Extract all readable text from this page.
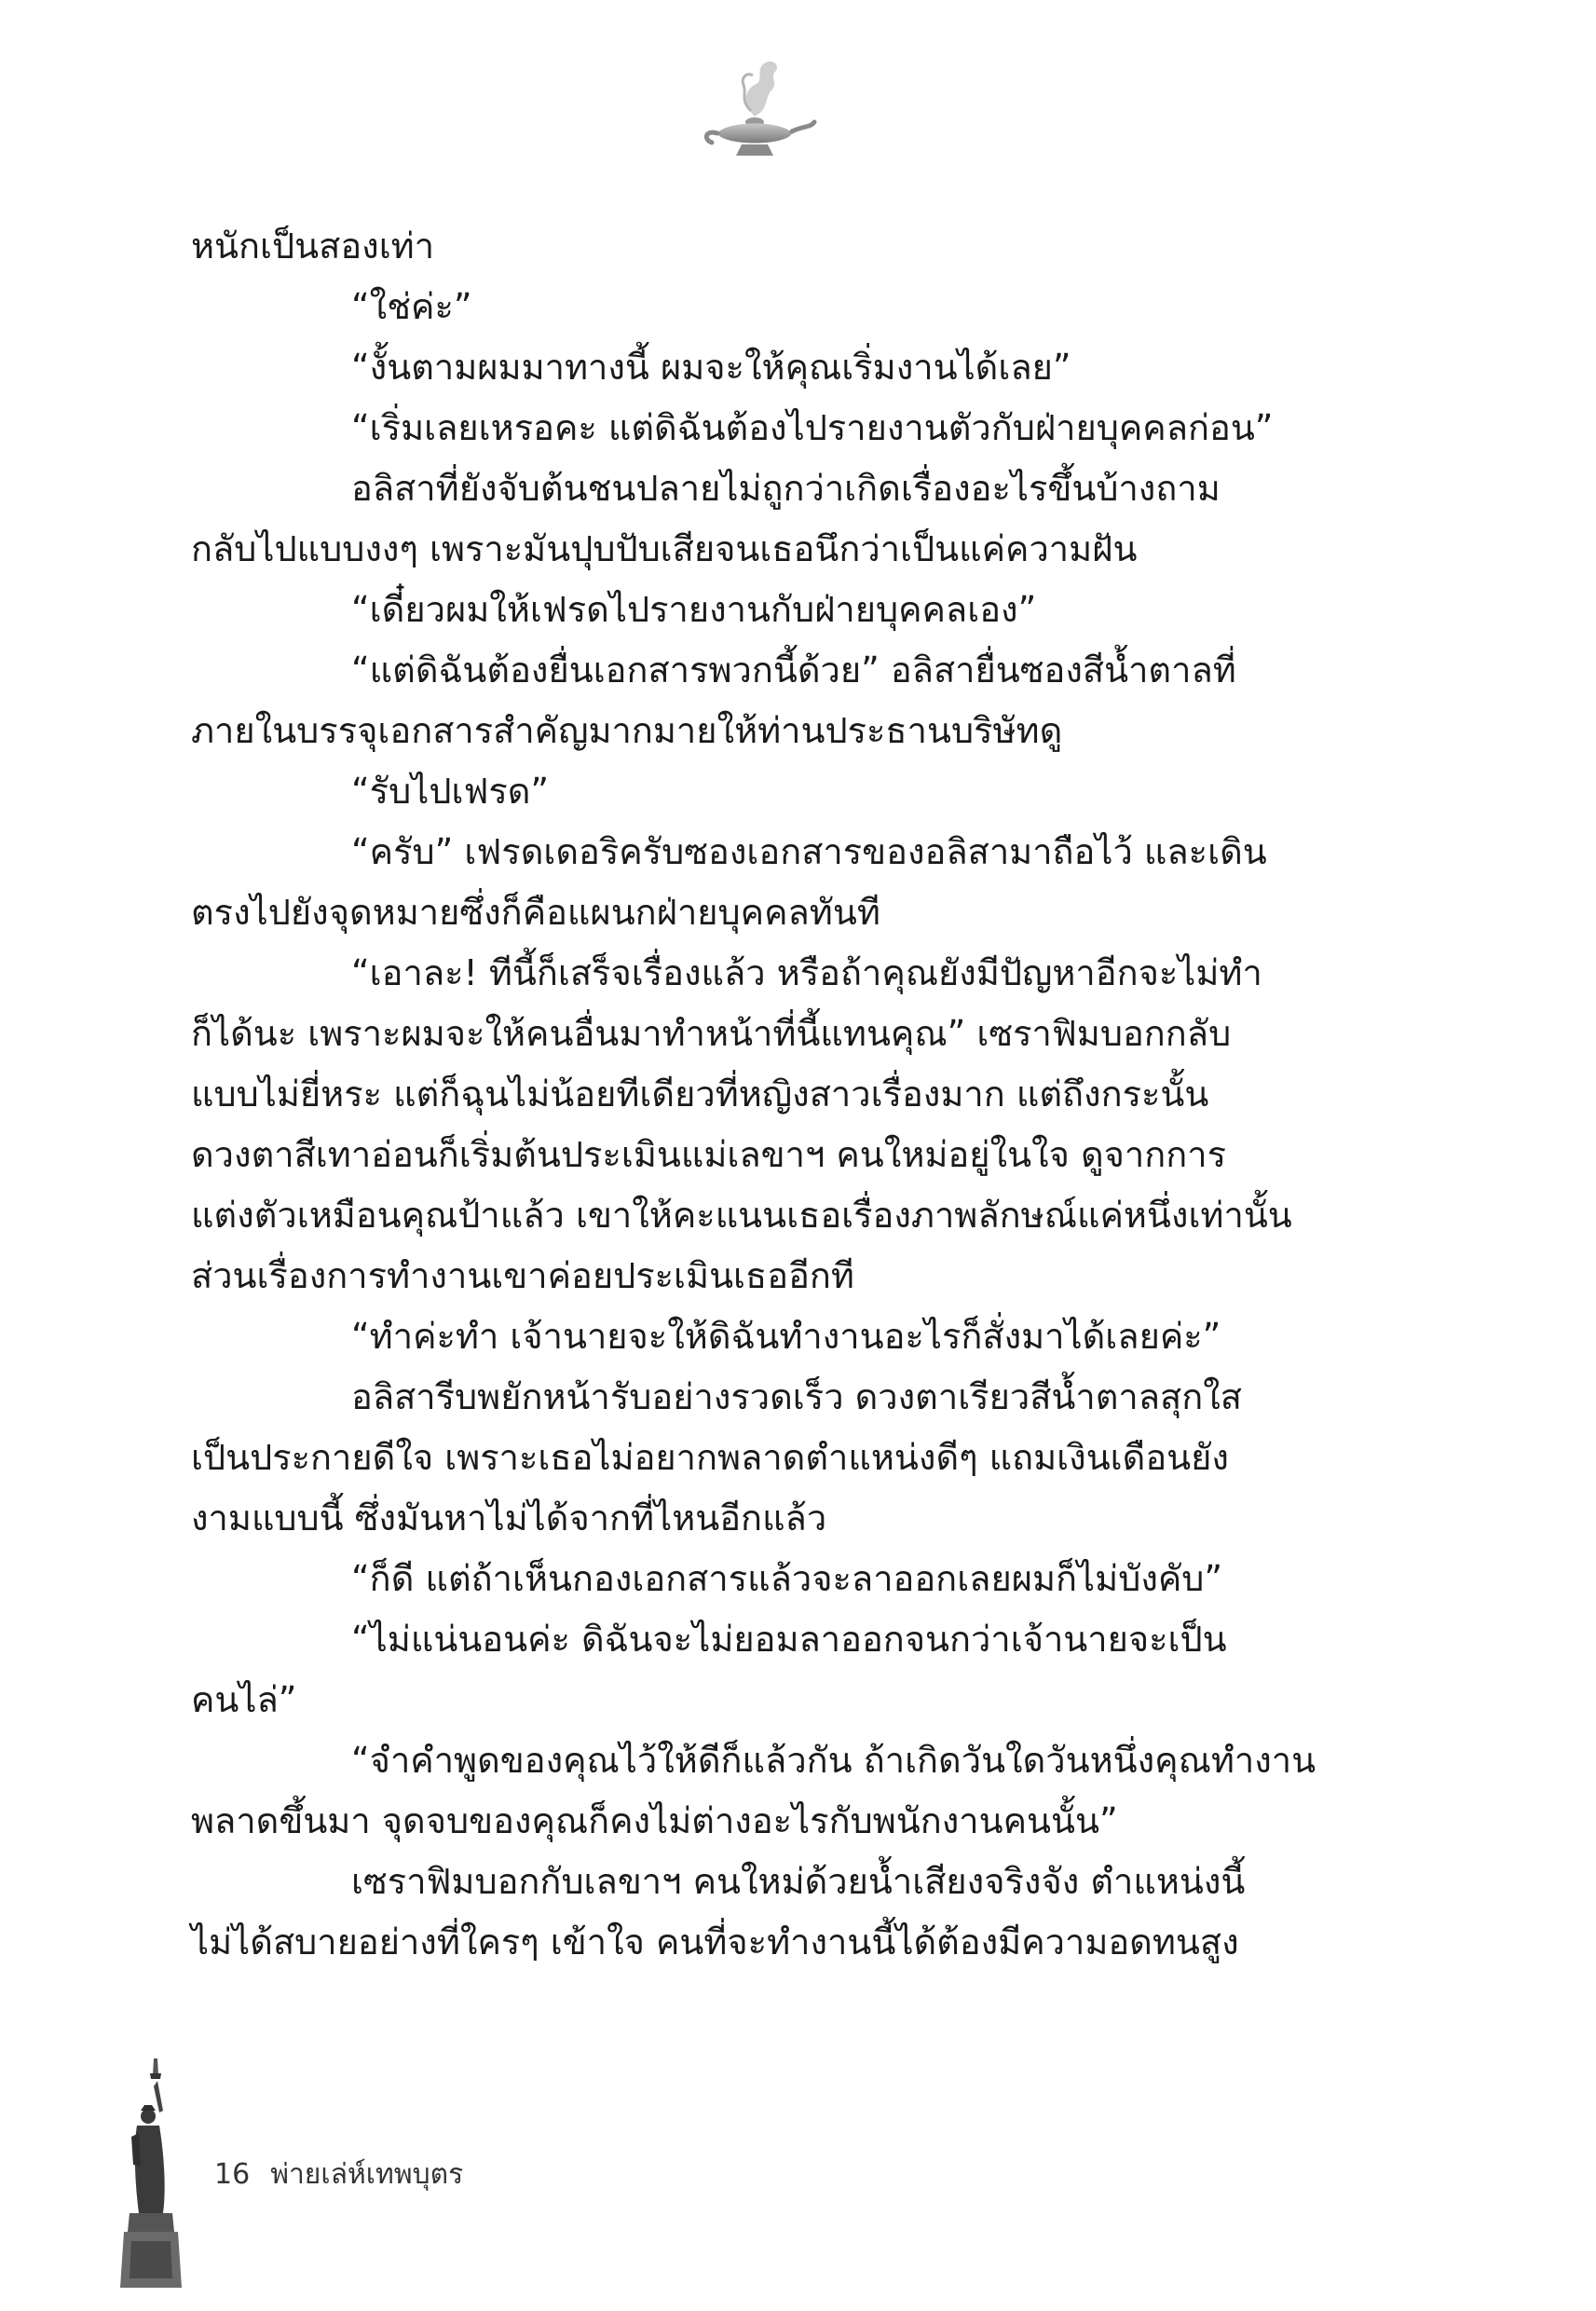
หนักเป็นสองเท่า

“ใช่ค่ะ”

“งั้นตามผมมาทางนี้ ผมจะให้คุณเริ่มงานได้เลย”

“เริ่มเลยเหรอคะ แต่ดิฉันต้องไปรายงานตัวกับฝ่ายบุคคลก่อน”

อลิสาที่ยังจับต้นชนปลายไม่ถูกว่าเกิดเรื่องอะไรขึ้นบ้างถาม

กลับไปแบบงงๆ เพราะมันปุบปับเสียจนเธอนึกว่าเป็นแค่ความฝัน

“เดี๋ยวผมให้เฟรดไปรายงานกับฝ่ายบุคคลเอง”

“แต่ดิฉันต้องยื่นเอกสารพวกนี้ด้วย” อลิสายื่นซองสีน้ำตาลที่

ภายในบรรจุเอกสารสำคัญมากมายให้ท่านประธานบริษัทดู

“รับไปเฟรด”

“ครับ” เฟรดเดอริครับซองเอกสารของอลิสามาถือไว้ และเดิน

ตรงไปยังจุดหมายซึ่งก็คือแผนกฝ่ายบุคคลทันที

“เอาละ! ทีนี้ก็เสร็จเรื่องแล้ว หรือถ้าคุณยังมีปัญหาอีกจะไม่ทำ

ก็ได้นะ เพราะผมจะให้คนอื่นมาทำหน้าที่นี้แทนคุณ” เซราฟิมบอกกลับ

แบบไม่ยี่หระ แต่ก็ฉุนไม่น้อยทีเดียวที่หญิงสาวเรื่องมาก แต่ถึงกระนั้น

ดวงตาสีเทาอ่อนก็เริ่มต้นประเมินแม่เลขาฯ คนใหม่อยู่ในใจ ดูจากการ

แต่งตัวเหมือนคุณป้าแล้ว เขาให้คะแนนเธอเรื่องภาพลักษณ์แค่หนึ่งเท่านั้น

ส่วนเรื่องการทำงานเขาค่อยประเมินเธออีกที

“ทำค่ะทำ เจ้านายจะให้ดิฉันทำงานอะไรก็สั่งมาได้เลยค่ะ”

อลิสารีบพยักหน้ารับอย่างรวดเร็ว ดวงตาเรียวสีน้ำตาลสุกใส

เป็นประกายดีใจ เพราะเธอไม่อยากพลาดตำแหน่งดีๆ แถมเงินเดือนยัง

งามแบบนี้ ซึ่งมันหาไม่ได้จากที่ไหนอีกแล้ว

“ก็ดี แต่ถ้าเห็นกองเอกสารแล้วจะลาออกเลยผมก็ไม่บังคับ”

“ไม่แน่นอนค่ะ ดิฉันจะไม่ยอมลาออกจนกว่าเจ้านายจะเป็น

คนไล่”

“จำคำพูดของคุณไว้ให้ดีก็แล้วกัน ถ้าเกิดวันใดวันหนึ่งคุณทำงาน

พลาดขึ้นมา จุดจบของคุณก็คงไม่ต่างอะไรกับพนักงานคนนั้น”

เซราฟิมบอกกับเลขาฯ คนใหม่ด้วยน้ำเสียงจริงจัง ตำแหน่งนี้

ไม่ได้สบายอย่างที่ใครๆ เข้าใจ คนที่จะทำงานนี้ได้ต้องมีความอดทนสูง

16 พ่ายเล่ห์เทพบุตร
